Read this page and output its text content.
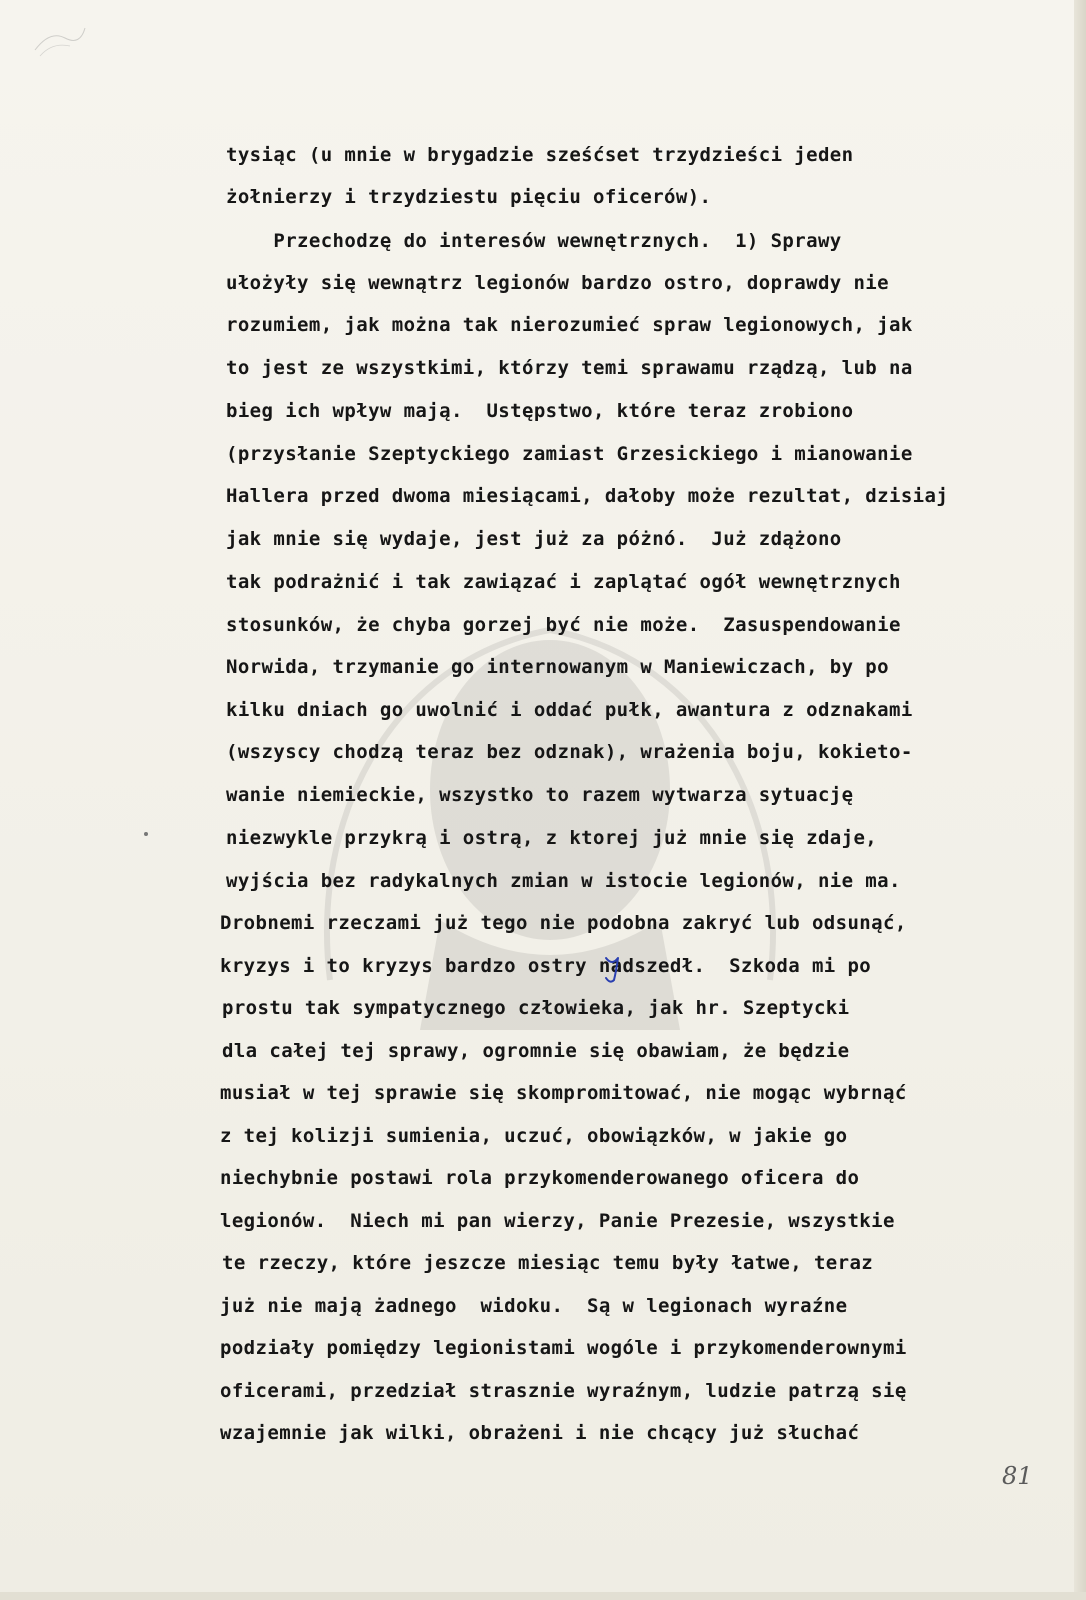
tysiąc (u mnie w brygadzie sześćset trzydzieści jeden
żołnierzy i trzydziestu pięciu oficerów).
Przechodzę do interesów wewnętrznych.  1) Sprawy
ułożyły się wewnątrz legionów bardzo ostro, doprawdy nie
rozumiem, jak można tak nierozumieć spraw legionowych, jak
to jest ze wszystkimi, którzy temi sprawamu rządzą, lub na
bieg ich wpływ mają.  Ustępstwo, które teraz zrobiono
(przysłanie Szeptyckiego zamiast Grzesickiego i mianowanie
Hallera przed dwoma miesiącami, dałoby może rezultat, dzisiaj
jak mnie się wydaje, jest już za póżnó.  Już zdążono
tak podrażnić i tak zawiązać i zaplątać ogół wewnętrznych
stosunków, że chyba gorzej być nie może.  Zasuspendowanie
Norwida, trzymanie go internowanym w Maniewiczach, by po
kilku dniach go uwolnić i oddać pułk, awantura z odznakami
(wszyscy chodzą teraz bez odznak), wrażenia boju, kokieto-
wanie niemieckie, wszystko to razem wytwarza sytuację
niezwykle przykrą i ostrą, z ktorej już mnie się zdaje,
wyjścia bez radykalnych zmian w istocie legionów, nie ma.
Drobnemi rzeczami już tego nie podobna zakryć lub odsunąć,
kryzys i to kryzys bardzo ostry nadszedł.  Szkoda mi po
prostu tak sympatycznego człowieka, jak hr. Szeptycki
dla całej tej sprawy, ogromnie się obawiam, że będzie
musiał w tej sprawie się skompromitować, nie mogąc wybrnąć
z tej kolizji sumienia, uczuć, obowiązków, w jakie go
niechybnie postawi rola przykomenderowanego oficera do
legionów.  Niech mi pan wierzy, Panie Prezesie, wszystkie
te rzeczy, które jeszcze miesiąc temu były łatwe, teraz
już nie mają żadnego  widoku.  Są w legionach wyraźne
podziały pomiędzy legionistami wogóle i przykomenderownymi
oficerami, przedział strasznie wyraźnym, ludzie patrzą się
wzajemnie jak wilki, obrażeni i nie chcący już słuchać
81
